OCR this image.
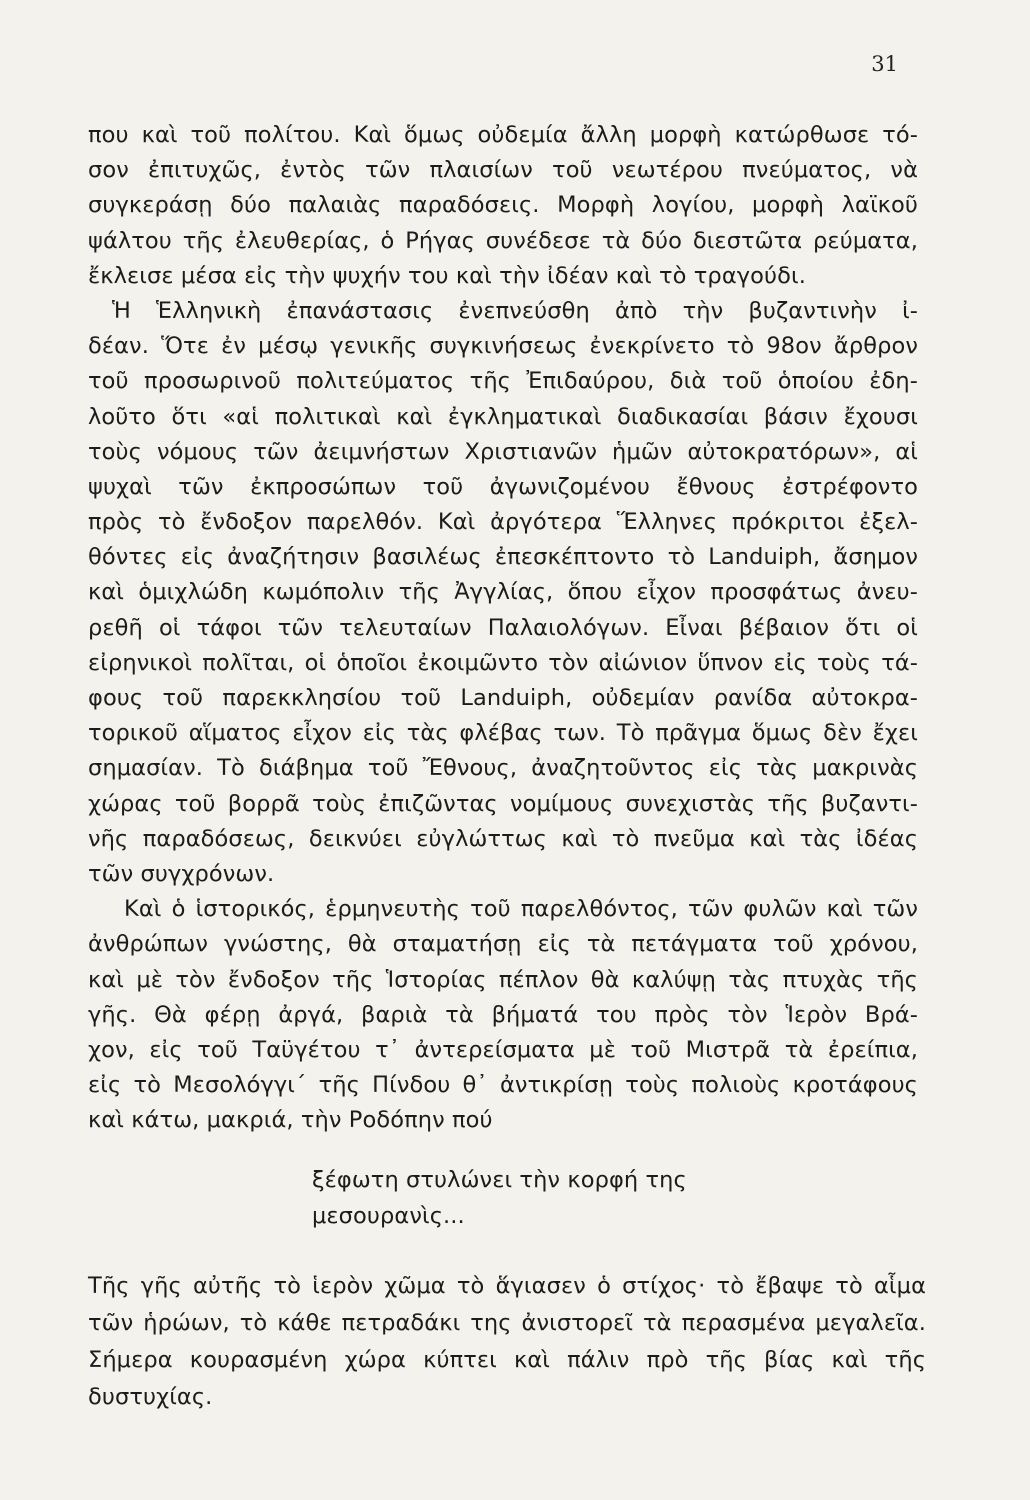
31
που καὶ τοῦ πολίτου. Καὶ ὅμως οὐδεμία ἄλλη μορφὴ κατώρθωσε τό-
σον ἐπιτυχῶς, ἐντὸς τῶν πλαισίων τοῦ νεωτέρου πνεύματος, νὰ
συγκεράσῃ δύο παλαιὰς παραδόσεις. Μορφὴ λογίου, μορφὴ λαϊκοῦ
ψάλτου τῆς ἐλευθερίας, ὁ Ρήγας συνέδεσε τὰ δύο διεστῶτα ρεύματα,
ἔκλεισε μέσα εἰς τὴν ψυχήν του καὶ τὴν ἰδέαν καὶ τὸ τραγούδι.
Ἡ Ἑλληνικὴ ἐπανάστασις ἐνεπνεύσθη ἀπὸ τὴν βυζαντινὴν ἰ-
δέαν. Ὅτε ἐν μέσῳ γενικῆς συγκινήσεως ἐνεκρίνετο τὸ 98ον ἄρθρον
τοῦ προσωρινοῦ πολιτεύματος τῆς Ἐπιδαύρου, διὰ τοῦ ὁποίου ἐδη-
λοῦτο ὅτι «αἱ πολιτικαὶ καὶ ἐγκληματικαὶ διαδικασίαι βάσιν ἔχουσι
τοὺς νόμους τῶν ἀειμνήστων Χριστιανῶν ἡμῶν αὐτοκρατόρων», αἱ
ψυχαὶ τῶν ἐκπροσώπων τοῦ ἀγωνιζομένου ἔθνους ἐστρέφοντο
πρὸς τὸ ἔνδοξον παρελθόν. Καὶ ἀργότερα Ἕλληνες πρόκριτοι ἐξελ-
θόντες εἰς ἀναζήτησιν βασιλέως ἐπεσκέπτοντο τὸ Landuiph, ἄσημον
καὶ ὁμιχλώδη κωμόπολιν τῆς Ἀγγλίας, ὅπου εἶχον προσφάτως ἀνευ-
ρεθῆ οἱ τάφοι τῶν τελευταίων Παλαιολόγων. Εἶναι βέβαιον ὅτι οἱ
εἰρηνικοὶ πολῖται, οἱ ὁποῖοι ἐκοιμῶντο τὸν αἰώνιον ὕπνον εἰς τοὺς τά-
φους τοῦ παρεκκλησίου τοῦ Landuiph, οὐδεμίαν ρανίδα αὐτοκρα-
τορικοῦ αἵματος εἶχον εἰς τὰς φλέβας των. Τὸ πρᾶγμα ὅμως δὲν ἔχει
σημασίαν. Τὸ διάβημα τοῦ Ἔθνους, ἀναζητοῦντος εἰς τὰς μακρινὰς
χώρας τοῦ βορρᾶ τοὺς ἐπιζῶντας νομίμους συνεχιστὰς τῆς βυζαντι-
νῆς παραδόσεως, δεικνύει εὐγλώττως καὶ τὸ πνεῦμα καὶ τὰς ἰδέας
τῶν συγχρόνων.
Καὶ ὁ ἱστορικός, ἑρμηνευτὴς τοῦ παρελθόντος, τῶν φυλῶν καὶ τῶν
ἀνθρώπων γνώστης, θὰ σταματήσῃ εἰς τὰ πετάγματα τοῦ χρόνου,
καὶ μὲ τὸν ἔνδοξον τῆς Ἱστορίας πέπλον θὰ καλύψῃ τὰς πτυχὰς τῆς
γῆς. Θὰ φέρῃ ἀργά, βαριὰ τὰ βήματά του πρὸς τὸν Ἱερὸν Βρά-
χον, εἰς τοῦ Ταϋγέτου τ᾽ ἀντερείσματα μὲ τοῦ Μιστρᾶ τὰ ἐρείπια,
εἰς τὸ Μεσολόγγι´ τῆς Πίνδου θ᾽ ἀντικρίσῃ τοὺς πολιοὺς κροτάφους
καὶ κάτω, μακριά, τὴν Ροδόπην πού
ξέφωτη στυλώνει τὴν κορφή της
μεσουρανὶς...
Τῆς γῆς αὐτῆς τὸ ἱερὸν χῶμα τὸ ἅγιασεν ὁ στίχος· τὸ ἔβαψε τὸ αἷμα
τῶν ἡρώων, τὸ κάθε πετραδάκι της ἀνιστορεῖ τὰ περασμένα μεγαλεῖα.
Σήμερα κουρασμένη χώρα κύπτει καὶ πάλιν πρὸ τῆς βίας καὶ τῆς
δυστυχίας.
